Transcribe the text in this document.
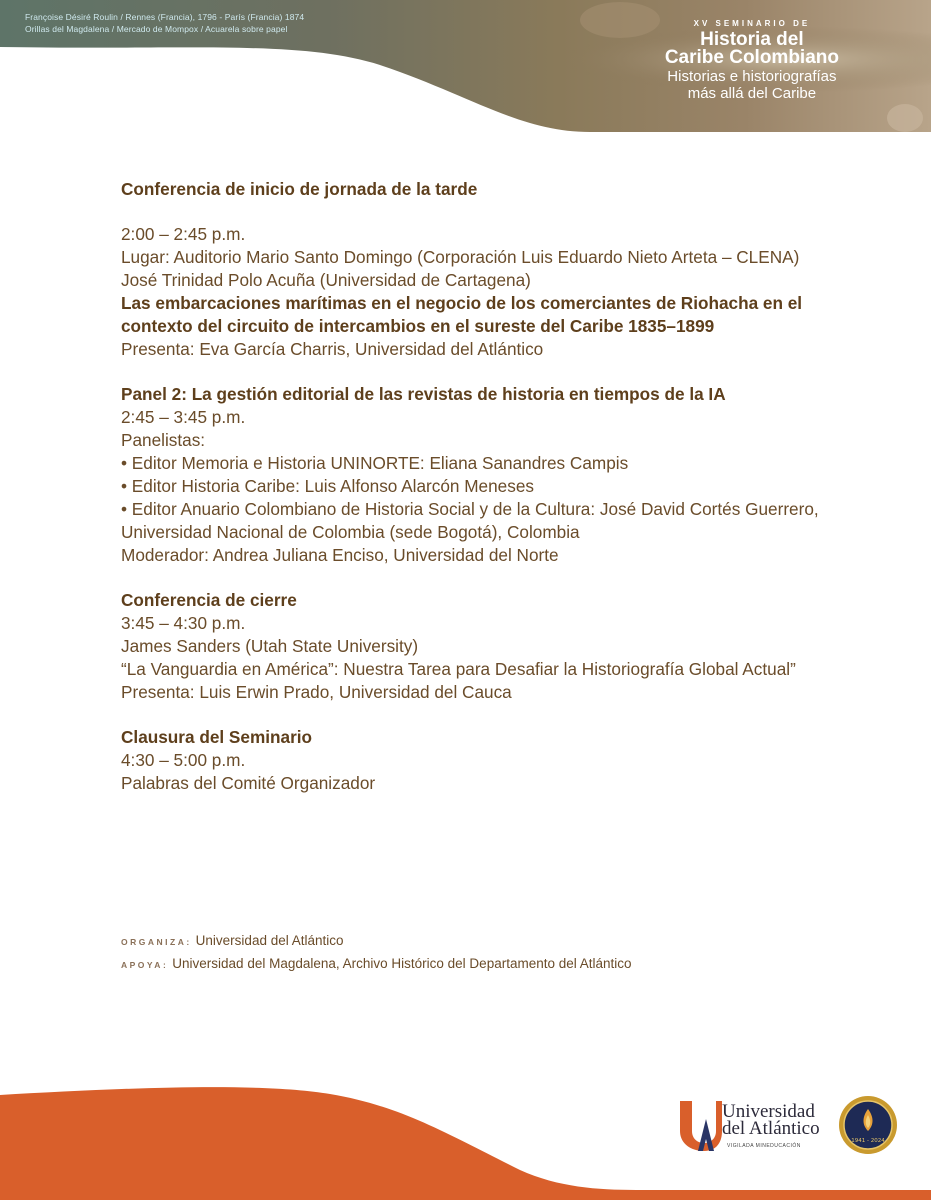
Françoise Désiré Roulin / Rennes (Francia), 1796 - París (Francia) 1874
Orillas del Magdalena / Mercado de Mompox / Acuarela sobre papel
XV SEMINARIO DE
Historia del
Caribe Colombiano
Historias e historiografías
más allá del Caribe

Conferencia de inicio de jornada de la tarde

2:00 – 2:45 p.m.

Lugar: Auditorio Mario Santo Domingo (Corporación Luis Eduardo Nieto Arteta – CLENA)

José Trinidad Polo Acuña (Universidad de Cartagena)

Las embarcaciones marítimas en el negocio de los comerciantes de Riohacha en el contexto del circuito de intercambios en el sureste del Caribe 1835–1899

Presenta: Eva García Charris, Universidad del Atlántico

Panel 2: La gestión editorial de las revistas de historia en tiempos de la IA

2:45 – 3:45 p.m.

Panelistas:

• Editor Memoria e Historia UNINORTE: Eliana Sanandres Campis

• Editor Historia Caribe: Luis Alfonso Alarcón Meneses

• Editor Anuario Colombiano de Historia Social y de la Cultura: José David Cortés Guerrero, Universidad Nacional de Colombia (sede Bogotá), Colombia

Moderador: Andrea Juliana Enciso, Universidad del Norte

Conferencia de cierre

3:45 – 4:30 p.m.

James Sanders (Utah State University)

“La Vanguardia en América”: Nuestra Tarea para Desafiar la Historiografía Global Actual”

Presenta: Luis Erwin Prado, Universidad del Cauca

Clausura del Seminario

4:30 – 5:00 p.m.

Palabras del Comité Organizador

ORGANIZA: Universidad del Atlántico
APOYA: Universidad del Magdalena, Archivo Histórico del Departamento del Atlántico
Universidad
del Atlántico
VIGILADA MINEDUCACIÓN
1941 - 2024
